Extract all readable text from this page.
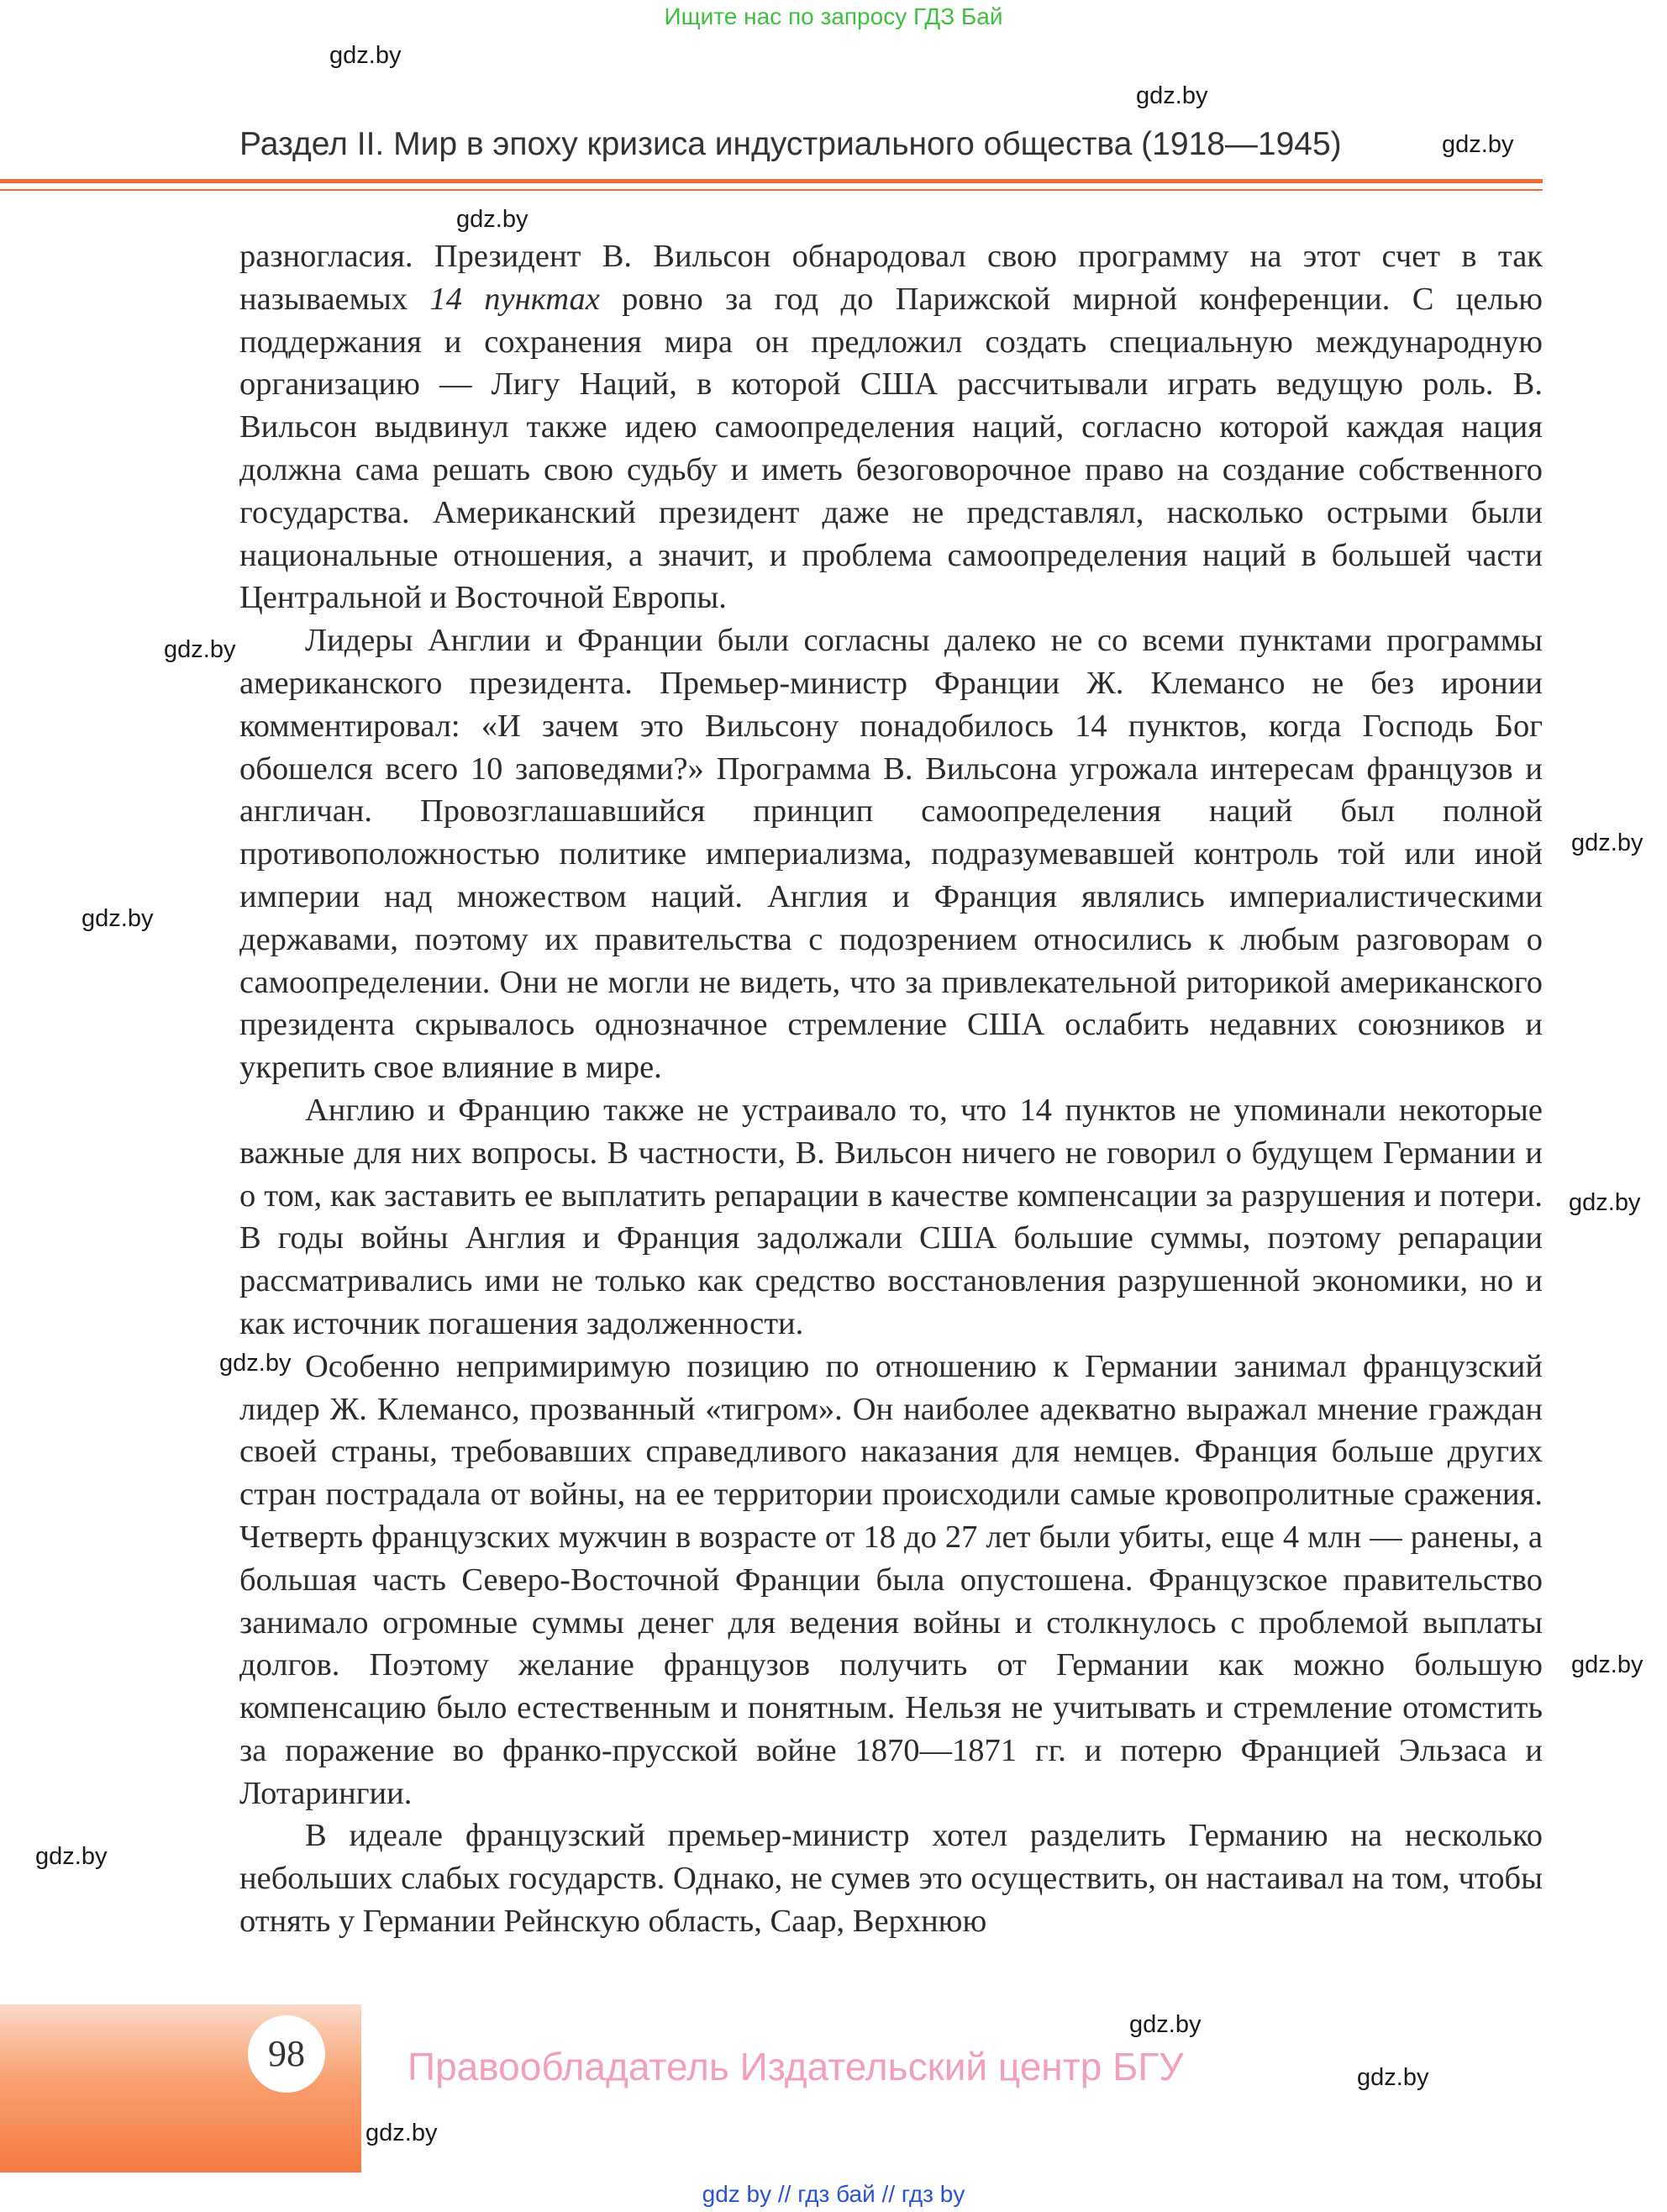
Ищите нас по запросу ГДЗ Бай
gdz.by
gdz.by
gdz.by
gdz.by
gdz.by
gdz.by
gdz.by
gdz.by
gdz.by
gdz.by
gdz.by
gdz.by
gdz.by
gdz.by
Раздел II. Мир в эпоху кризиса индустриального общества (1918—1945)

разногласия. Президент В. Вильсон обнародовал свою программу на этот счет в так называемых 14 пунктах ровно за год до Парижской мирной конференции. С целью поддержания и сохранения мира он предложил создать специальную международную организацию — Лигу Наций, в которой США рассчитывали играть ведущую роль. В. Вильсон выдвинул также идею самоопределения наций, согласно которой каждая нация должна сама решать свою судьбу и иметь безоговорочное право на создание собственного государства. Американский президент даже не представлял, насколько острыми были национальные отношения, а значит, и проблема самоопределения наций в большей части Центральной и Восточной Европы.

Лидеры Англии и Франции были согласны далеко не со всеми пунктами программы американского президента. Премьер-министр Франции Ж. Клемансо не без иронии комментировал: «И зачем это Вильсону понадобилось 14 пунктов, когда Господь Бог обошелся всего 10 заповедями?» Программа В. Вильсона угрожала интересам французов и англичан. Провозглашавшийся принцип самоопределения наций был полной противоположностью политике империализма, подразумевавшей контроль той или иной империи над множеством наций. Англия и Франция являлись империалистическими державами, поэтому их правительства с подозрением относились к любым разговорам о самоопределении. Они не могли не видеть, что за привлекательной риторикой американского президента скрывалось однозначное стремление США ослабить недавних союзников и укрепить свое влияние в мире.

Англию и Францию также не устраивало то, что 14 пунктов не упоминали некоторые важные для них вопросы. В частности, В. Вильсон ничего не говорил о будущем Германии и о том, как заставить ее выплатить репарации в качестве компенсации за разрушения и потери. В годы войны Англия и Франция задолжали США большие суммы, поэтому репарации рассматривались ими не только как средство восстановления разрушенной экономики, но и как источник погашения задолженности.

Особенно непримиримую позицию по отношению к Германии занимал французский лидер Ж. Клемансо, прозванный «тигром». Он наиболее адекватно выражал мнение граждан своей страны, требовавших справедливого наказания для немцев. Франция больше других стран пострадала от войны, на ее территории происходили самые кровопролитные сражения. Четверть французских мужчин в возрасте от 18 до 27 лет были убиты, еще 4 млн — ранены, а большая часть Северо-Восточной Франции была опустошена. Французское правительство занимало огромные суммы денег для ведения войны и столкнулось с проблемой выплаты долгов. Поэтому желание французов получить от Германии как можно большую компенсацию было естественным и понятным. Нельзя не учитывать и стремление отомстить за поражение во франко-прусской войне 1870—1871 гг. и потерю Францией Эльзаса и Лотарингии.

В идеале французский премьер-министр хотел разделить Германию на несколько небольших слабых государств. Однако, не сумев это осуществить, он настаивал на том, чтобы отнять у Германии Рейнскую область, Саар, Верхнюю

98	Правообладатель Издательский центр БГУ
gdz by // гдз бай // гдз by
